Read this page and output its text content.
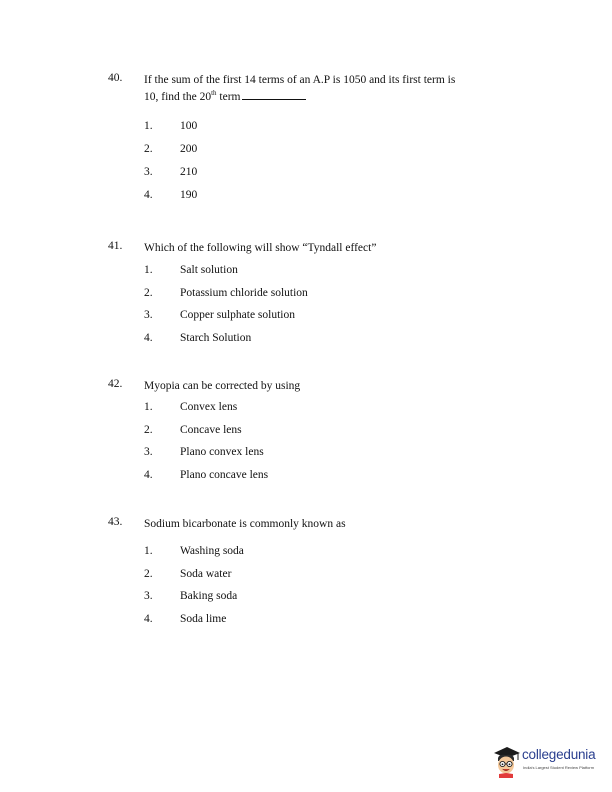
40. If the sum of the first 14 terms of an A.P is 1050 and its first term is
10, find the 20th term
1. 100
2. 200
3. 210
4. 190
41. Which of the following will show “Tyndall effect”
1. Salt solution
2. Potassium chloride solution
3. Copper sulphate solution
4. Starch Solution
42. Myopia can be corrected by using
1. Convex lens
2. Concave lens
3. Plano convex lens
4. Plano concave lens
43. Sodium bicarbonate is commonly known as
1. Washing soda
2. Soda water
3. Baking soda
4. Soda lime
collegedunia
India's Largest Student Review Platform
